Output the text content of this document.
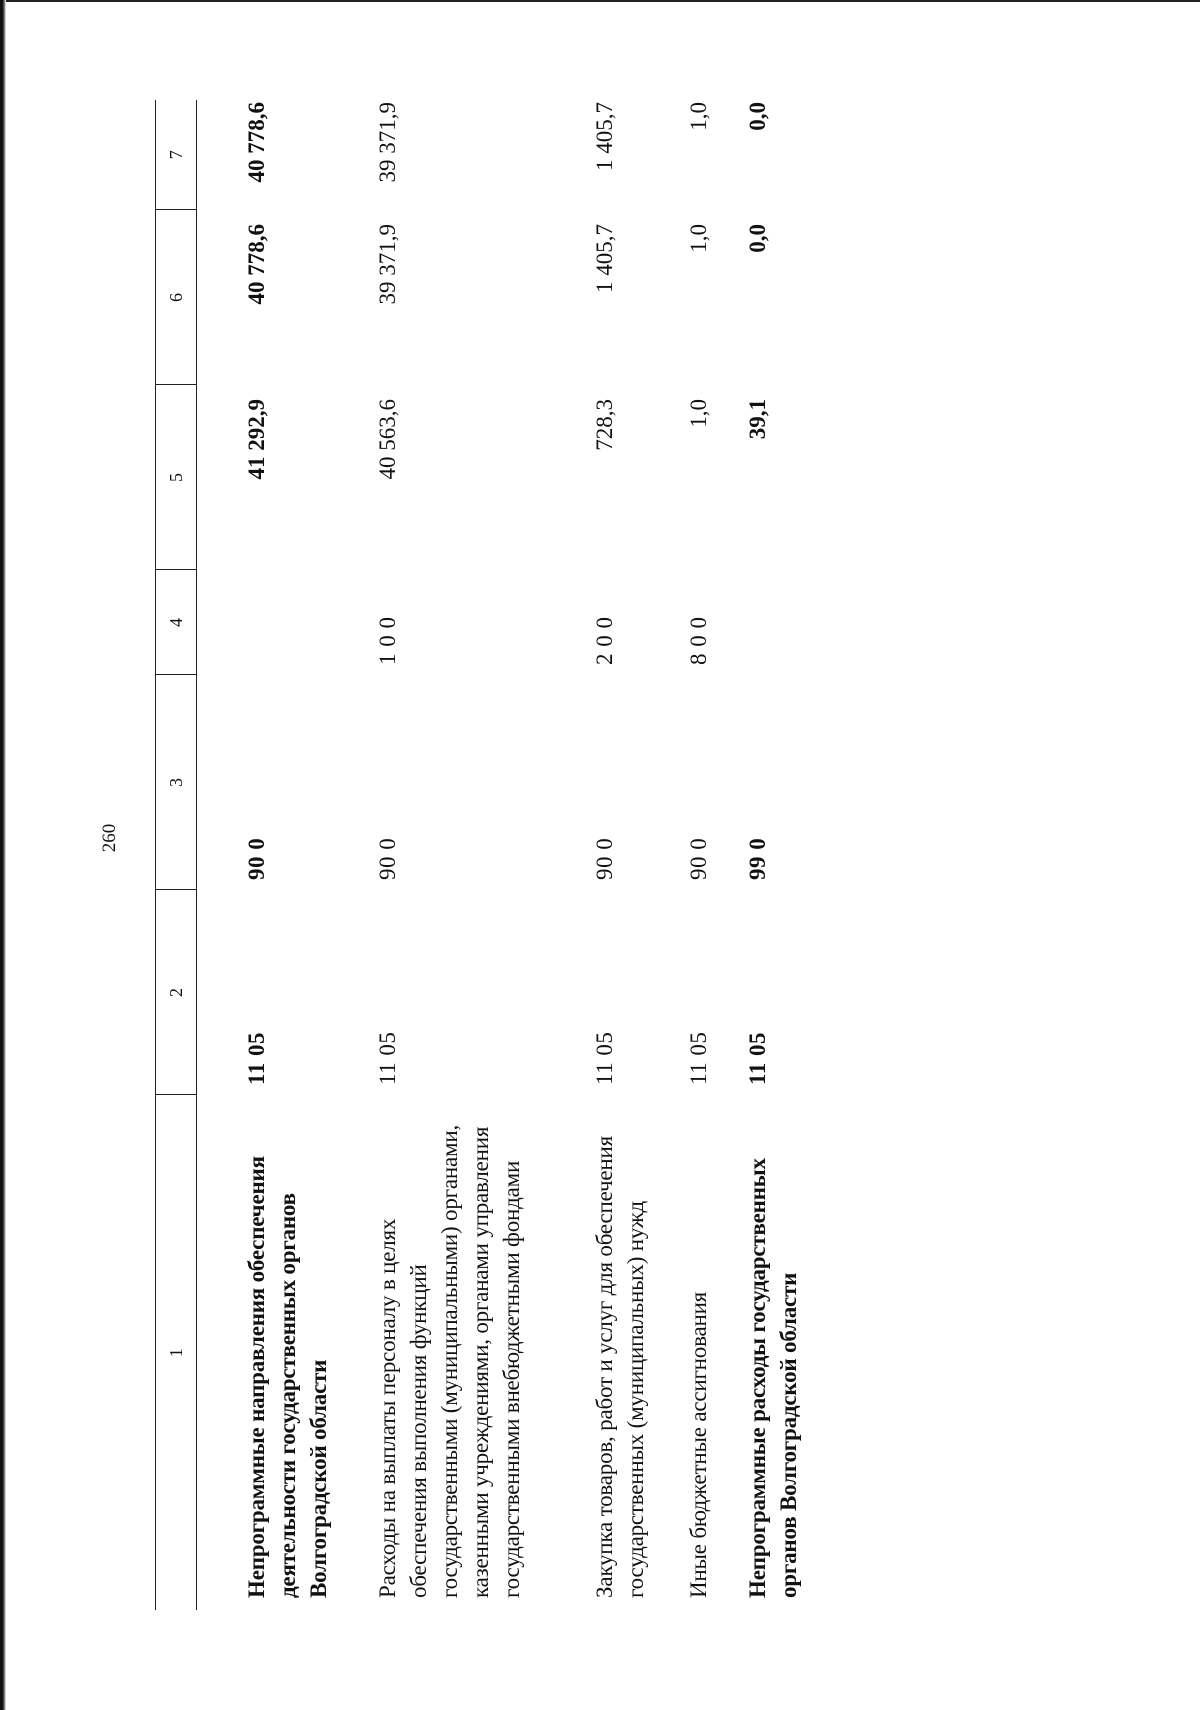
260
1	2	3	4	5	6	7
Непрограммные направления обеспечения деятельности государственных органов Волгоградской области	11 05	90 0		41 292,9	40 778,6	40 778,6
Расходы на выплаты персоналу в целях обеспечения выполнения функций государственными (муниципальными) органами, казенными учреждениями, органами управления государственными внебюджетными фондами	11 05	90 0	1 0 0	40 563,6	39 371,9	39 371,9
Закупка товаров, работ и услуг для обеспечения государственных (муниципальных) нужд	11 05	90 0	2 0 0	728,3	1 405,7	1 405,7
Иные бюджетные ассигнования	11 05	90 0	8 0 0	1,0	1,0	1,0
Непрограммные расходы государственных органов Волгоградской области	11 05	99 0		39,1	0,0	0,0
